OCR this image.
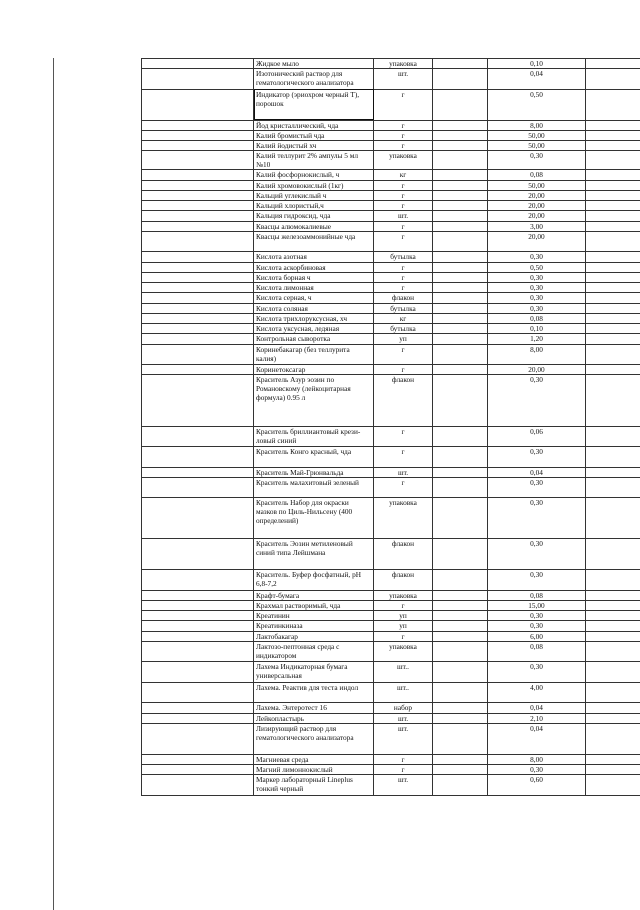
	Жидкое мыло	упаковка		0,10	
	Изотонический раствор для гематологического анализатора	шт.		0,04	
	Индикатор (эриохром черный Т), порошок	г		0,50	
	Йод кристаллический, чда	г		8,00	
	Калий бромистый чда	г		50,00	
	Калий йодистый хч	г		50,00	
	Калий теллурит 2% ампулы 5 мл №10	упаковка		0,30	
	Калий фосфорнокислый, ч	кг		0,08	
	Калий хромовокислый (1кг)	г		50,00	
	Кальций углекислый ч	г		20,00	
	Кальций хлористый,ч	г		20,00	
	Кальция гидроксид, чда	шт.		20,00	
	Квасцы алюмокалиевые	г		3,00	
	Квасцы железоаммонийные чда	г		20,00	
	Кислота азотная	бутылка		0,30	
	Кислота аскорбиновая	г		0,50	
	Кислота борная ч	г		0,30	
	Кислота лимонная	г		0,30	
	Кислота серная, ч	флакон		0,30	
	Кислота соляная	бутылка		0,30	
	Кислота трихлоруксусная, хч	кг		0,08	
	Кислота уксусная, ледяная	бутылка		0,10	
	Контрольная сыворотка	уп		1,20	
	Коринебакагар (без теллурита калия)	г		8,00	
	Коринетоксагар	г		20,00	
	Краситель Азур эозин по Романовскому (лейкоцитарная формула) 0.95 л	флакон		0,30	
	Краситель бриллиантовый крези-ловый синий	г		0,06	
	Краситель Конго красный, чда	г		0,30	
	Краситель Май-Грюнвальда	шт.		0,04	
	Краситель малахитовый зеленый	г		0,30	
	Краситель Набор для окраски мазков по Циль-Нильсену (400 определений)	упаковка		0,30	
	Краситель Эозин метиленовый синий типа Лейшмана	флакон		0,30	
	Краситель. Буфер фосфатный, pH 6,8-7,2	флакон		0,30	
	Крафт-бумага	упаковка		0,08	
	Крахмал растворимый, чда	г		15,00	
	Креатинин	уп		0,30	
	Креатинкиназа	уп		0,30	
	Лактобакагар	г		6,00	
	Лактозо-пептонная среда с индикатором	упаковка		0,08	
	Лахема Индикаторная бумага универсальная	шт..		0,30	
	Лахема. Реактив для теста индол	шт..		4,00	
	Лахема. Энтеротест 16	набор		0,04	
	Лейкопластырь	шт.		2,10	
	Лизирующий раствор для гематологического анализатора	шт.		0,04	
	Магниевая среда	г		8,00	
	Магний лимоннокислый	г		0,30	
	Маркер лабораторный Lineplus тонкий черный	шт.		0,60	
